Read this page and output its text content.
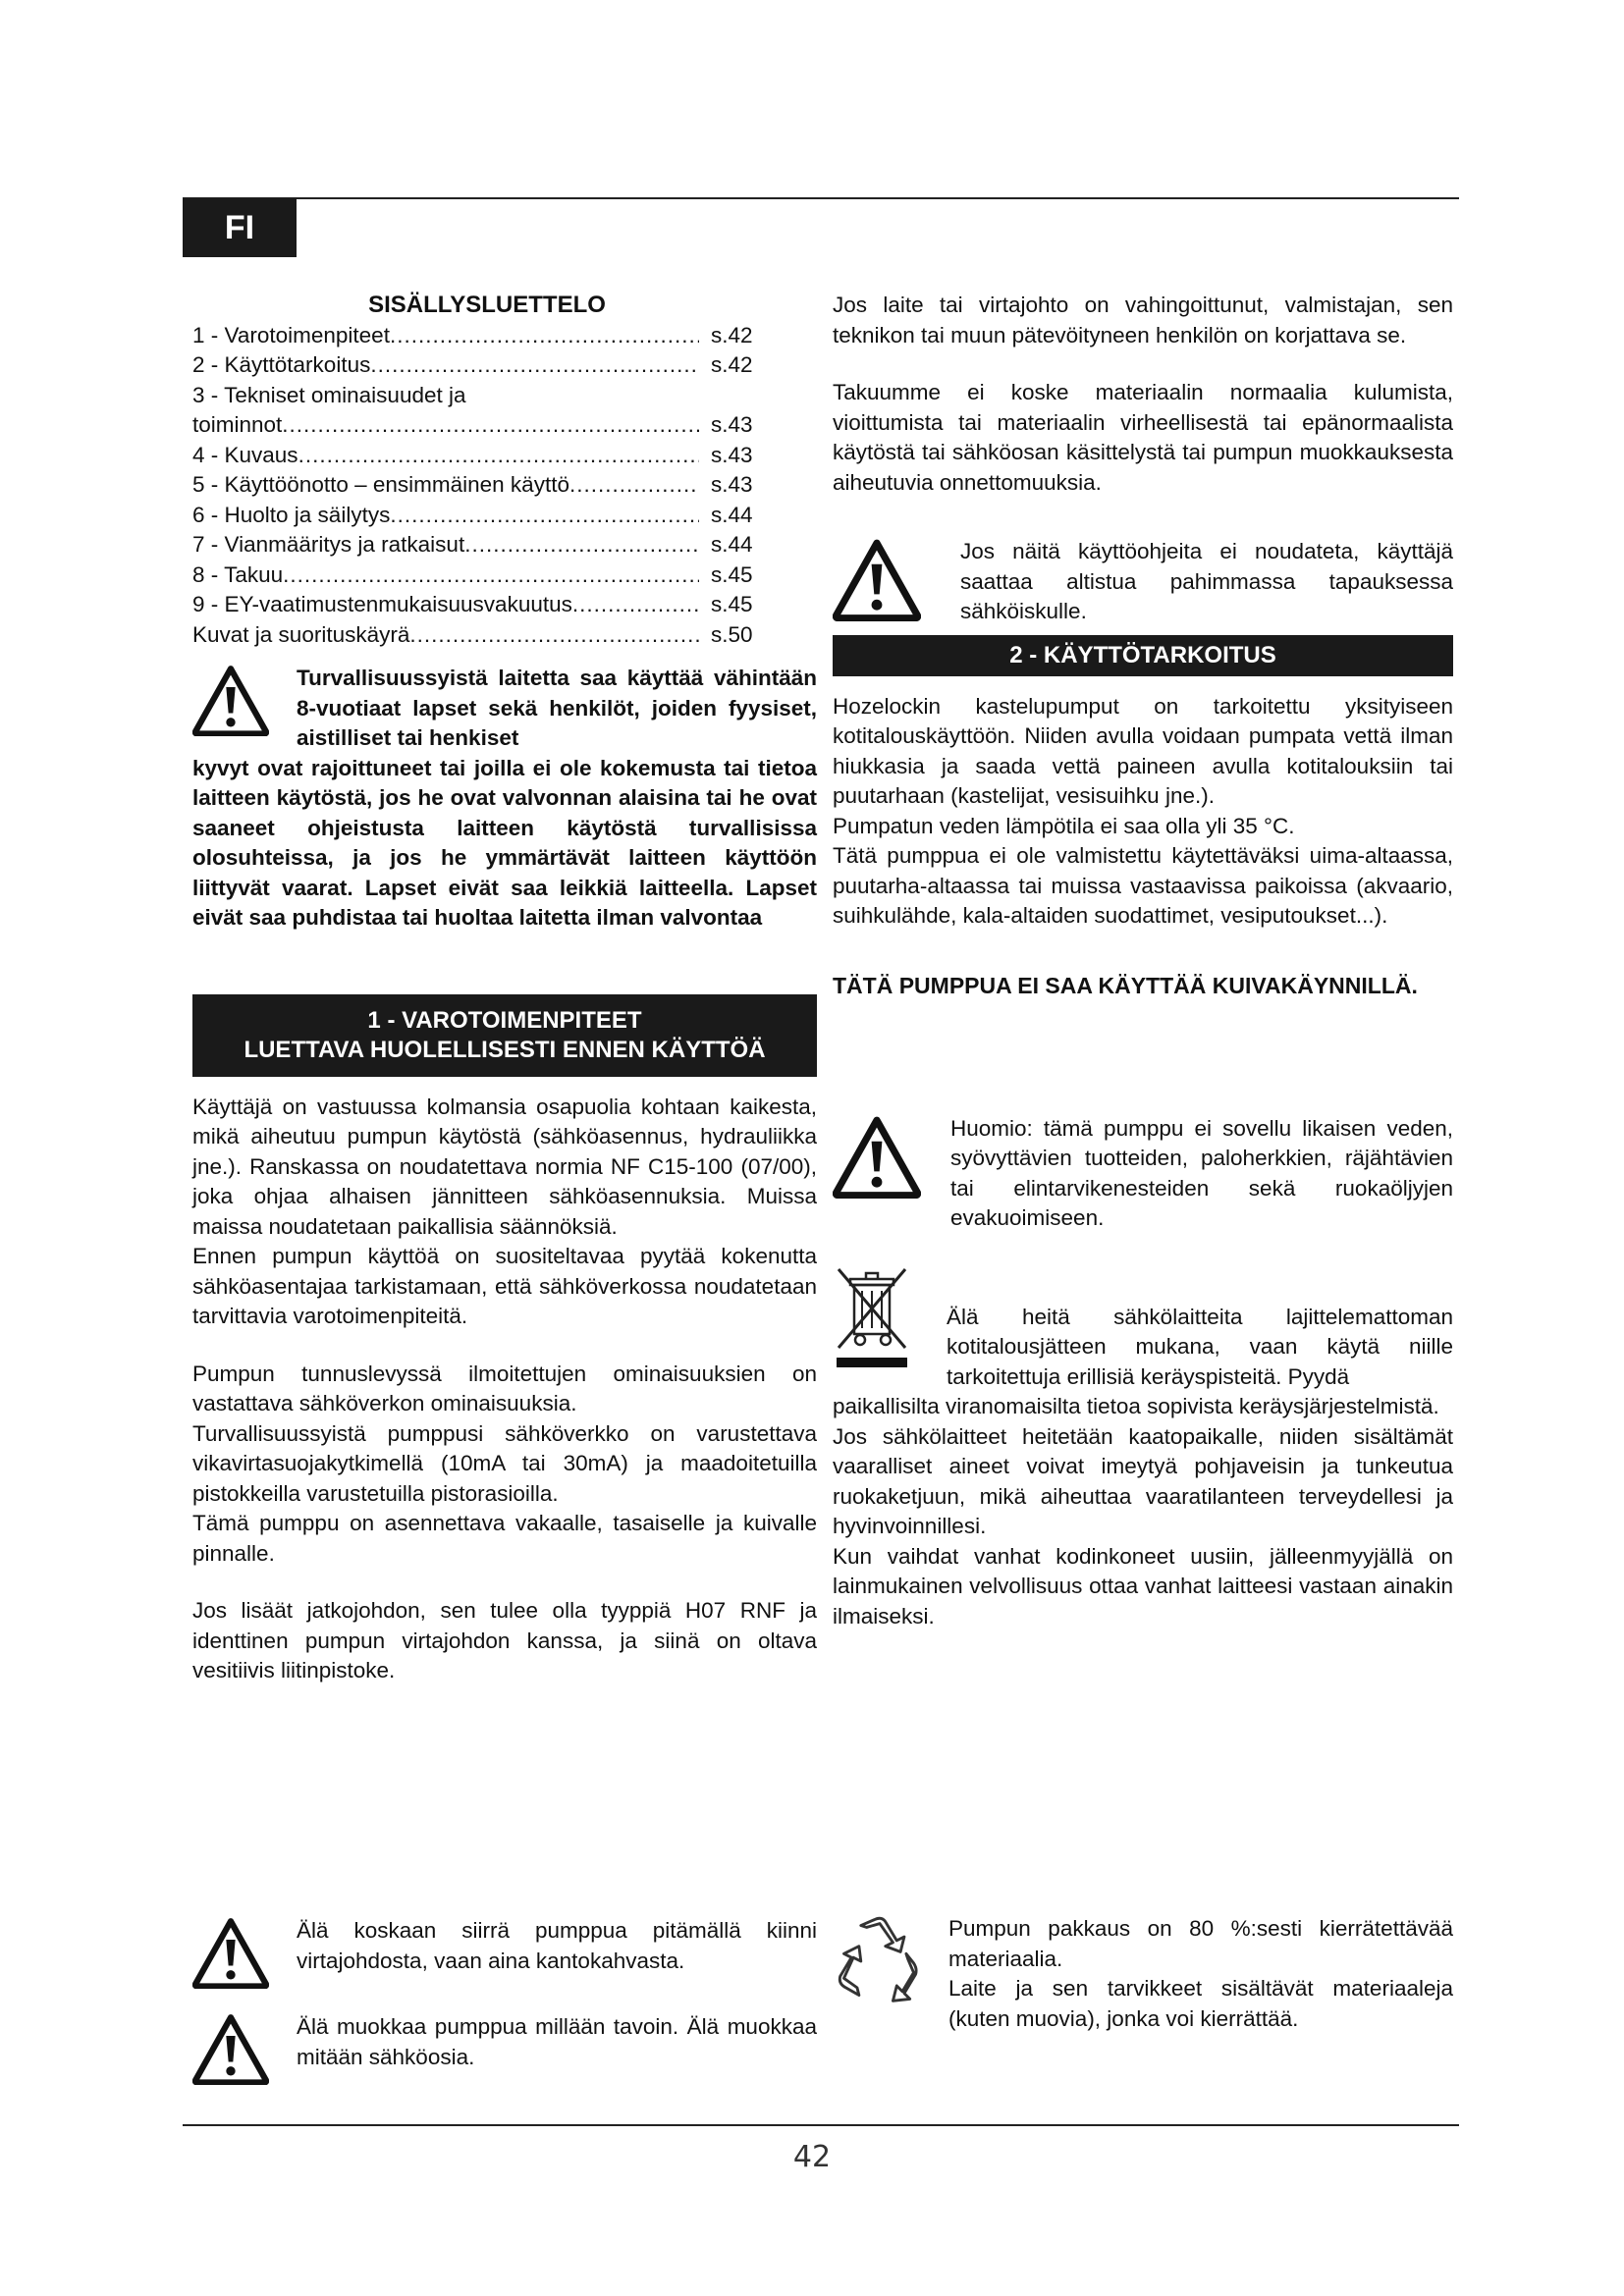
FI
SISÄLLYSLUETTELO
1 - Varotoimenpiteet .....	s.42
2 - Käyttötarkoitus .....	s.42
3 - Tekniset ominaisuudet ja
toiminnot .....	s.43
4 - Kuvaus .....	s.43
5 - Käyttöönotto – ensimmäinen käyttö .....	s.43
6 - Huolto ja säilytys .....	s.44
7 - Vianmääritys ja ratkaisut .....	s.44
8 - Takuu .....	s.45
9 - EY-vaatimustenmukaisuusvakuutus .....	s.45
Kuvat ja suorituskäyrä .....	s.50
Turvallisuussyistä laitetta saa käyttää vähintään 8-vuotiaat lapset sekä henkilöt, joiden fyysiset, aistilliset tai henkiset
kyvyt ovat rajoittuneet tai joilla ei ole kokemusta tai tietoa laitteen käytöstä, jos he ovat valvonnan alaisina tai he ovat saaneet ohjeistusta laitteen käytöstä turvallisissa olosuhteissa, ja jos he ymmärtävät laitteen käyttöön liittyvät vaarat. Lapset eivät saa leikkiä laitteella. Lapset eivät saa puhdistaa tai huoltaa laitetta ilman valvontaa
1 - VAROTOIMENPITEET
LUETTAVA HUOLELLISESTI ENNEN KÄYTTÖÄ

Käyttäjä on vastuussa kolmansia osapuolia kohtaan kaikesta, mikä aiheutuu pumpun käytöstä (sähköasennus, hydrauliikka jne.). Ranskassa on noudatettava normia NF C15-100 (07/00), joka ohjaa alhaisen jännitteen sähköasennuksia. Muissa maissa noudatetaan paikallisia säännöksiä.

Ennen pumpun käyttöä on suositeltavaa pyytää kokenutta sähköasentajaa tarkistamaan, että sähköverkossa noudatetaan tarvittavia varotoimenpiteitä.

Pumpun tunnuslevyssä ilmoitettujen ominaisuuksien on vastattava sähköverkon ominaisuuksia.

Turvallisuussyistä pumppusi sähköverkko on varustettava vikavirtasuojakytkimellä (10mA tai 30mA) ja maadoitetuilla pistokkeilla varustetuilla pistorasioilla.

Tämä pumppu on asennettava vakaalle, tasaiselle ja kuivalle pinnalle.

Jos lisäät jatkojohdon, sen tulee olla tyyppiä H07 RNF ja identtinen pumpun virtajohdon kanssa, ja siinä on oltava vesitiivis liitinpistoke.

Älä koskaan siirrä pumppua pitämällä kiinni virtajohdosta, vaan aina kantokahvasta.
Älä muokkaa pumppua millään tavoin. Älä muokkaa mitään sähköosia.

Jos laite tai virtajohto on vahingoittunut, valmistajan, sen teknikon tai muun pätevöityneen henkilön on korjattava se.

Takuumme ei koske materiaalin normaalia kulumista, vioittumista tai materiaalin virheellisestä tai epänormaalista käytöstä tai sähköosan käsittelystä tai pumpun muokkauksesta aiheutuvia onnettomuuksia.

Jos näitä käyttöohjeita ei noudateta, käyttäjä saattaa altistua pahimmassa tapauksessa sähköiskulle.
2 - KÄYTTÖTARKOITUS

Hozelockin kastelupumput on tarkoitettu yksityiseen kotitalouskäyttöön. Niiden avulla voidaan pumpata vettä ilman hiukkasia ja saada vettä paineen avulla kotitalouksiin tai puutarhaan (kastelijat, vesisuihku jne.).

Pumpatun veden lämpötila ei saa olla yli 35 °C.

Tätä pumppua ei ole valmistettu käytettäväksi uima-altaassa, puutarha-altaassa tai muissa vastaavissa paikoissa (akvaario, suihkulähde, kala-altaiden suodattimet, vesiputoukset...).

TÄTÄ PUMPPUA EI SAA KÄYTTÄÄ KUIVAKÄYNNILLÄ.
Huomio: tämä pumppu ei sovellu likaisen veden, syövyttävien tuotteiden, paloherkkien, räjähtävien tai elintarvikenesteiden sekä ruokaöljyjen evakuoimiseen.
Älä heitä sähkölaitteita lajittelemattoman kotitalousjätteen mukana, vaan käytä niille tarkoitettuja erillisiä keräyspisteitä. Pyydä

paikallisilta viranomaisilta tietoa sopivista keräysjärjestelmistä.

Jos sähkölaitteet heitetään kaatopaikalle, niiden sisältämät vaaralliset aineet voivat imeytyä pohjaveisin ja tunkeutua ruokaketjuun, mikä aiheuttaa vaaratilanteen terveydellesi ja hyvinvoinnillesi.

Kun vaihdat vanhat kodinkoneet uusiin, jälleenmyyjällä on lainmukainen velvollisuus ottaa vanhat laitteesi vastaan ainakin ilmaiseksi.

Pumpun pakkaus on 80 %:sesti kierrätettävää materiaalia.

Laite ja sen tarvikkeet sisältävät materiaaleja (kuten muovia), jonka voi kierrättää.

42
